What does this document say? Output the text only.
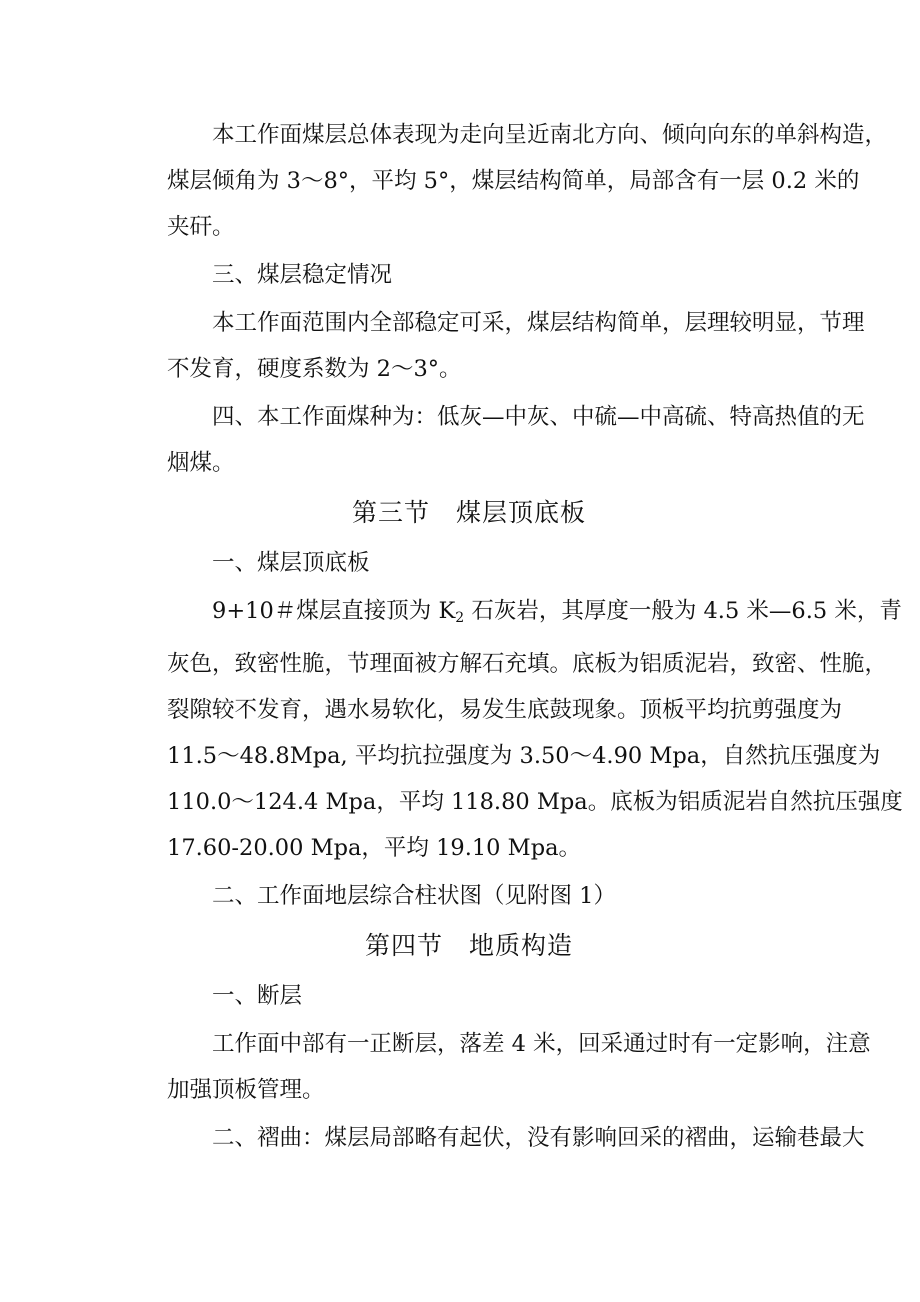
本工作面煤层总体表现为走向呈近南北方向、倾向向东的单斜构造，
煤层倾角为 3～8°，平均 5°，煤层结构简单，局部含有一层 0.2 米的
夹矸。
三、煤层稳定情况
本工作面范围内全部稳定可采，煤层结构简单，层理较明显，节理
不发育，硬度系数为 2～3°。
四、本工作面煤种为：低灰—中灰、中硫—中高硫、特高热值的无
烟煤。
第三节　煤层顶底板
一、煤层顶底板
9+10＃煤层直接顶为 $K_2$ 石灰岩，其厚度一般为 4.5 米—6.5 米，青
灰色，致密性脆，节理面被方解石充填。底板为铝质泥岩，致密、性脆，
裂隙较不发育，遇水易软化，易发生底鼓现象。顶板平均抗剪强度为
11.5～48.8Mpa, 平均抗拉强度为 3.50～4.90 Mpa，自然抗压强度为
110.0～124.4 Mpa，平均 118.80 Mpa。底板为铝质泥岩自然抗压强度
17.60-20.00 Mpa，平均 19.10 Mpa。
二、工作面地层综合柱状图（见附图 1）
第四节　地质构造
一、断层
工作面中部有一正断层，落差 4 米，回采通过时有一定影响，注意
加强顶板管理。
二、褶曲：煤层局部略有起伏，没有影响回采的褶曲，运输巷最大
